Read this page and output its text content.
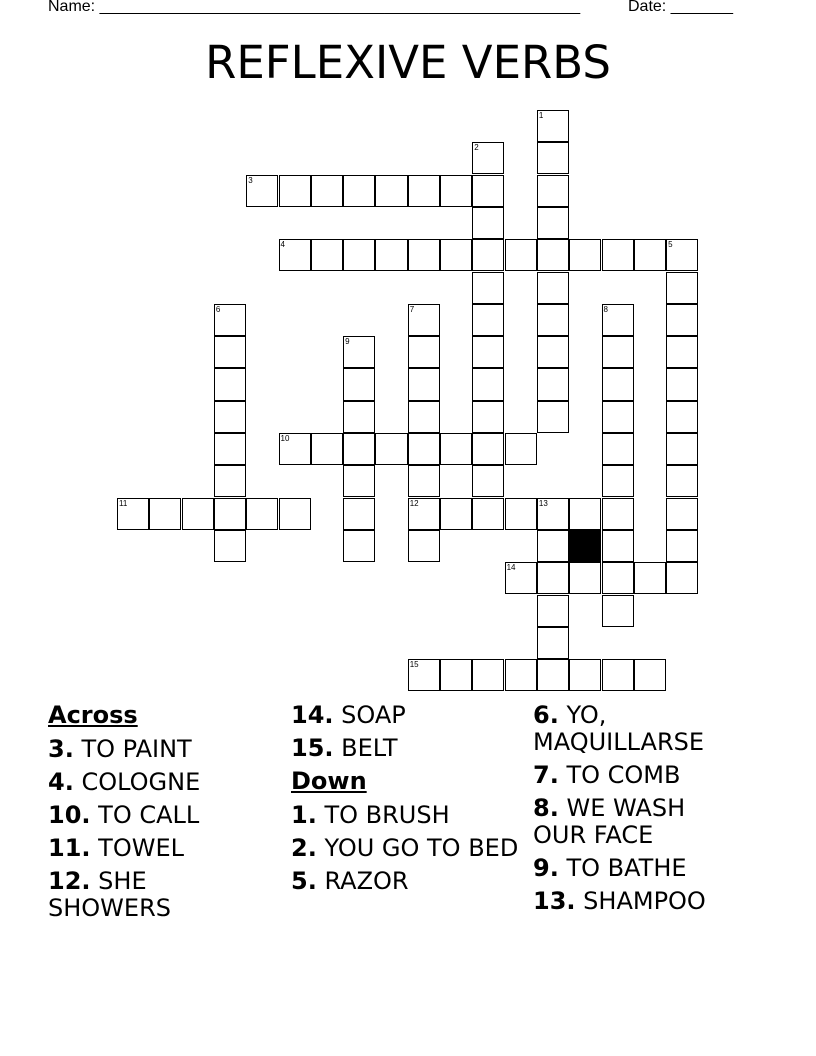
Name: ______________________________________________________	Date: _______
REFLEXIVE VERBS
1
2
3
4	5
6	7
12
8
9
10
11	13
14
15
Across
3. TO PAINT
4. COLOGNE
10. TO CALL
11. TOWEL
12. SHE SHOWERS
14. SOAP
15. BELT
Down
1. TO BRUSH
2. YOU GO TO BED
5. RAZOR
6. YO, MAQUILLARSE
7. TO COMB
8. WE WASH OUR FACE
9. TO BATHE
13. SHAMPOO
